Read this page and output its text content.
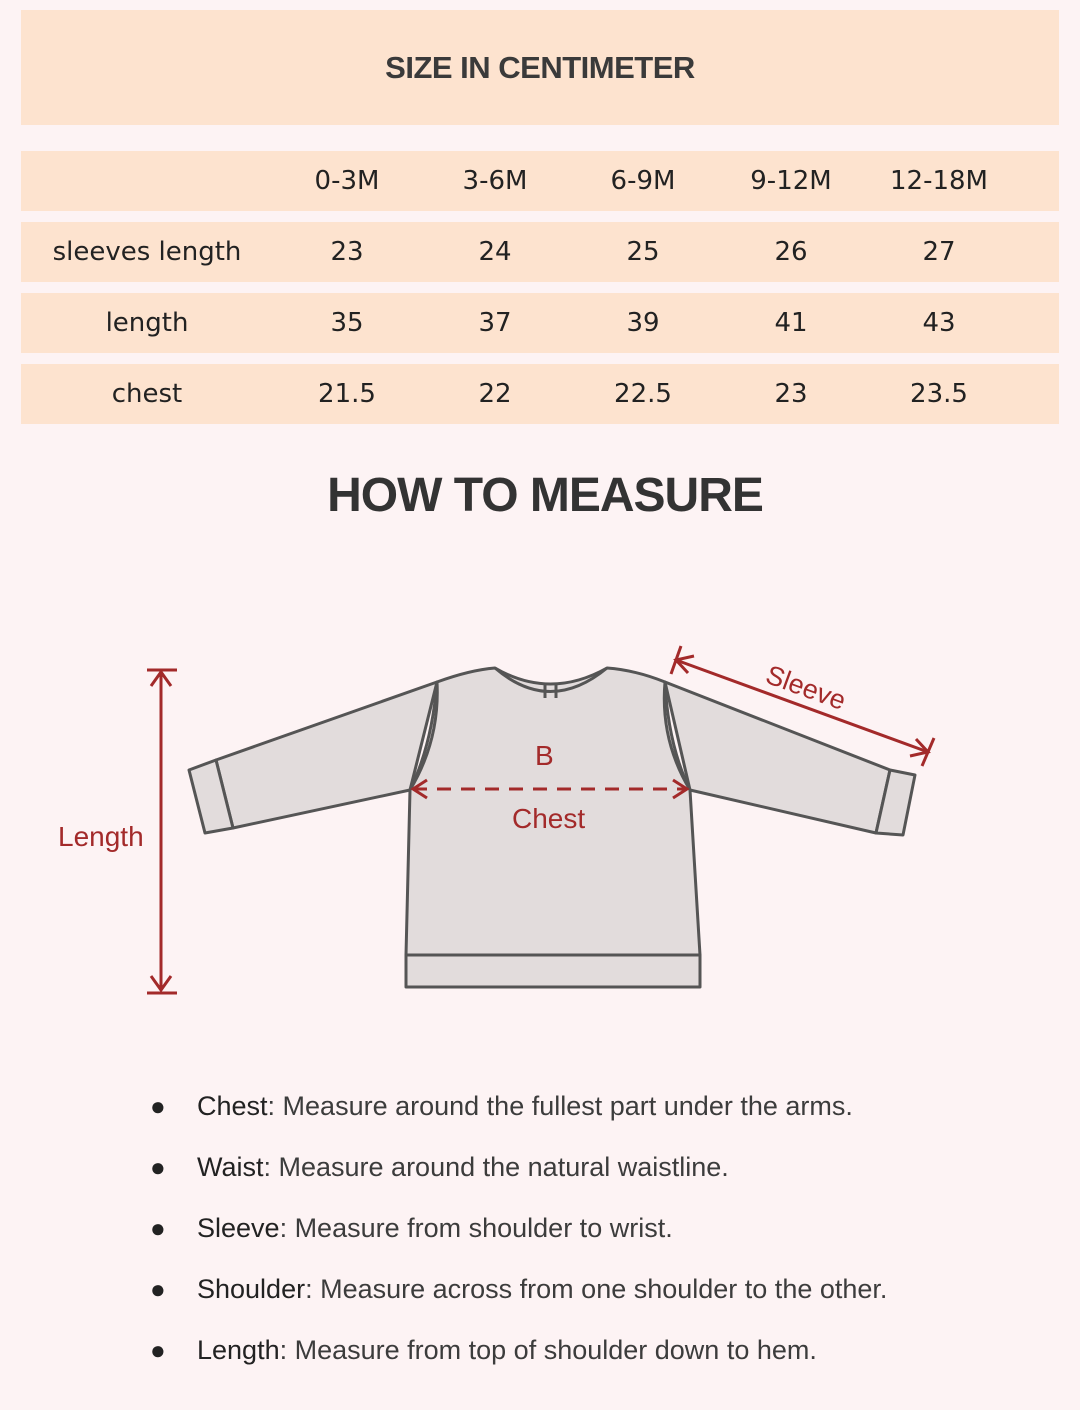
SIZE IN CENTIMETER
0-3M	3-6M	6-9M	9-12M	12-18M
sleeves length	23	24	25	26	27
length	35	37	39	41	43
chest	21.5	22	22.5	23	23.5
HOW TO MEASURE
Length
Sleeve
B
Chest
●	Chest: Measure around the fullest part under the arms.
●	Waist: Measure around the natural waistline.
●	Sleeve: Measure from shoulder to wrist.
●	Shoulder: Measure across from one shoulder to the other.
●	Length: Measure from top of shoulder down to hem.
